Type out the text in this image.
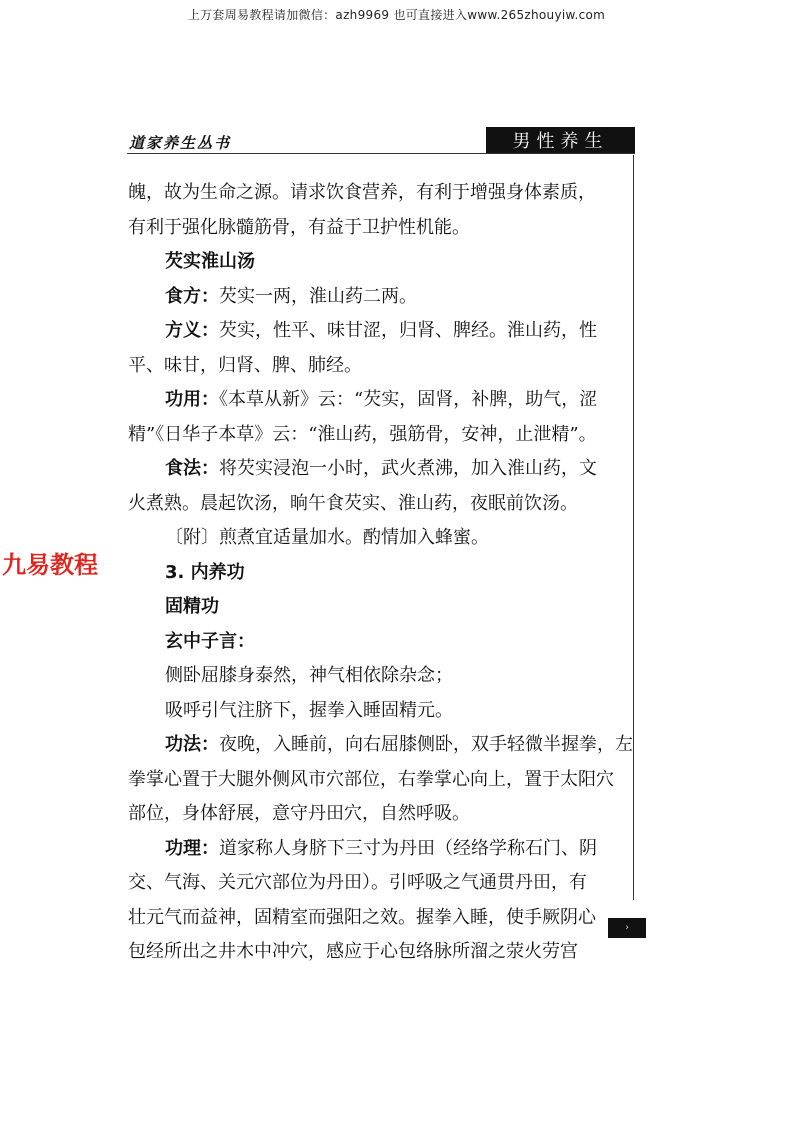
上万套周易教程请加微信：azh9969 也可直接进入www.265zhouyiw.com
道家养生丛书	男性养生
魄，故为生命之源。请求饮食营养，有利于增强身体素质，
有利于强化脉髓筋骨，有益于卫护性机能。
芡实淮山汤
食方：芡实一两，淮山药二两。
方义：芡实，性平、味甘涩，归肾、脾经。淮山药，性
平、味甘，归肾、脾、肺经。
功用：《本草从新》云：“芡实，固肾，补脾，助气，涩
精”《日华子本草》云：“淮山药，强筋骨，安神，止泄精”。
食法：将芡实浸泡一小时，武火煮沸，加入淮山药，文
火煮熟。晨起饮汤，晌午食芡实、淮山药，夜眠前饮汤。
〔附〕煎煮宜适量加水。酌情加入蜂蜜。
3. 内养功
固精功
玄中子言：
侧卧屈膝身泰然，神气相依除杂念；
吸呼引气注脐下，握拳入睡固精元。
功法：夜晚，入睡前，向右屈膝侧卧，双手轻微半握拳，左
拳掌心置于大腿外侧风市穴部位，右拳掌心向上，置于太阳穴
部位，身体舒展，意守丹田穴，自然呼吸。
功理：道家称人身脐下三寸为丹田（经络学称石门、阴
交、气海、关元穴部位为丹田）。引呼吸之气通贯丹田，有
壮元气而益神，固精室而强阳之效。握拳入睡，使手厥阴心
包经所出之井木中冲穴，感应于心包络脉所溜之荥火劳宫
九易教程
›
